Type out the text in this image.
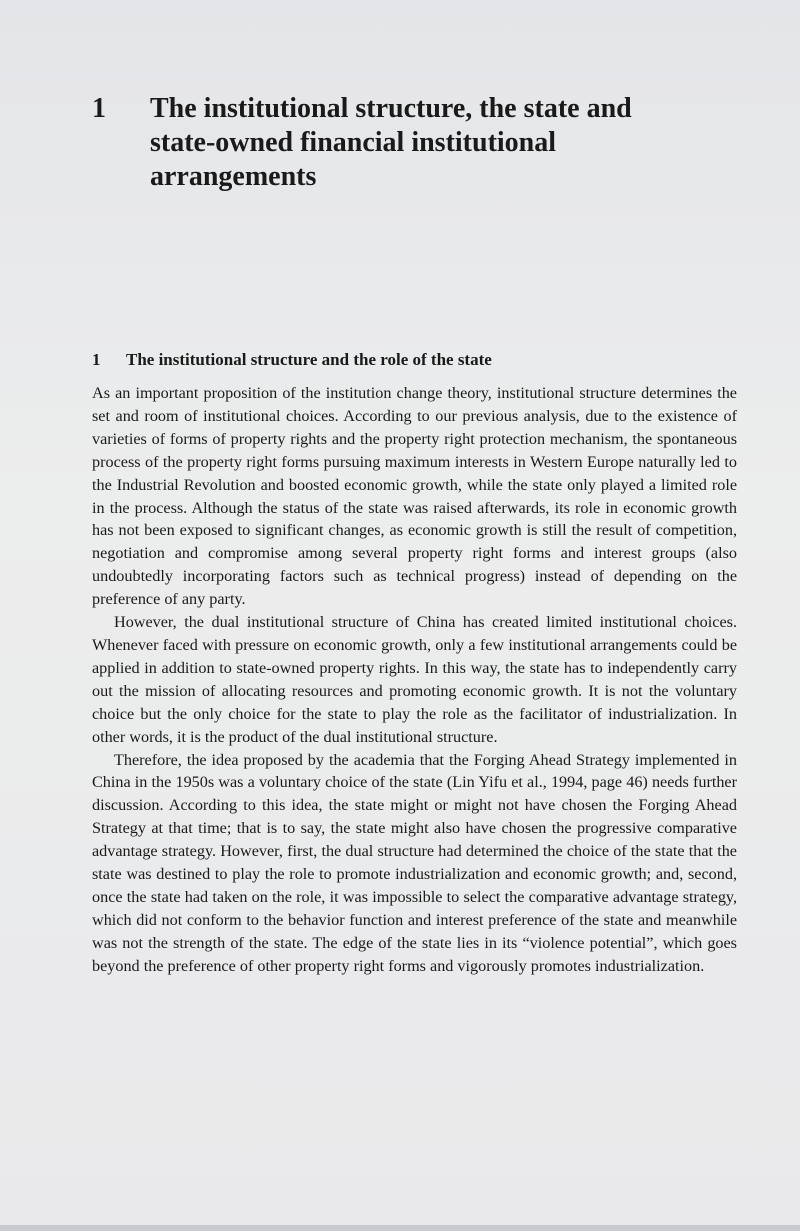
1	The institutional structure, the state and state-owned financial institutional arrangements
1	The institutional structure and the role of the state

As an important proposition of the institution change theory, institutional structure determines the set and room of institutional choices. According to our previous analysis, due to the existence of varieties of forms of property rights and the property right protection mechanism, the spontaneous process of the property right forms pursuing maximum interests in Western Europe naturally led to the Industrial Revolution and boosted economic growth, while the state only played a limited role in the process. Although the status of the state was raised afterwards, its role in economic growth has not been exposed to significant changes, as economic growth is still the result of competition, negotiation and compromise among several property right forms and interest groups (also undoubtedly incorporating factors such as technical progress) instead of depending on the preference of any party.

However, the dual institutional structure of China has created limited institutional choices. Whenever faced with pressure on economic growth, only a few institutional arrangements could be applied in addition to state-owned property rights. In this way, the state has to independently carry out the mission of allocating resources and promoting economic growth. It is not the voluntary choice but the only choice for the state to play the role as the facilitator of industrialization. In other words, it is the product of the dual institutional structure.

Therefore, the idea proposed by the academia that the Forging Ahead Strategy implemented in China in the 1950s was a voluntary choice of the state (Lin Yifu et al., 1994, page 46) needs further discussion. According to this idea, the state might or might not have chosen the Forging Ahead Strategy at that time; that is to say, the state might also have chosen the progressive comparative advantage strategy. However, first, the dual structure had determined the choice of the state that the state was destined to play the role to promote industrialization and economic growth; and, second, once the state had taken on the role, it was impossible to select the comparative advantage strategy, which did not conform to the behavior function and interest preference of the state and meanwhile was not the strength of the state. The edge of the state lies in its “violence potential”, which goes beyond the preference of other property right forms and vigorously promotes industrialization.
